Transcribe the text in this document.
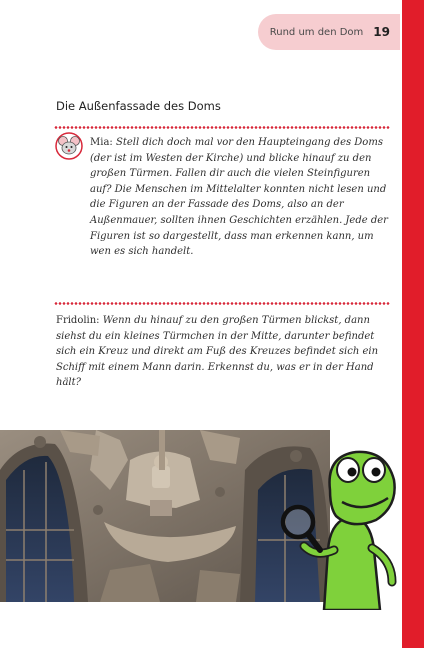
Rund um den Dom 19
Die Außenfassade des Doms

Mia: Stell dich doch mal vor den Haupteingang des Doms (der ist im Westen der Kirche) und blicke hinauf zu den großen Türmen. Fallen dir auch die vielen Steinfiguren auf? Die Menschen im Mittelalter konnten nicht lesen und die Figuren an der Fassade des Doms, also an der Außenmauer, sollten ihnen Geschichten erzählen. Jede der Figuren ist so dargestellt, dass man erkennen kann, um wen es sich handelt.

Fridolin: Wenn du hinauf zu den großen Türmen blickst, dann siehst du ein kleines Türmchen in der Mitte, darunter befindet sich ein Kreuz und direkt am Fuß des Kreuzes befindet sich ein Schiff mit einem Mann darin. Erkennst du, was er in der Hand hält?
